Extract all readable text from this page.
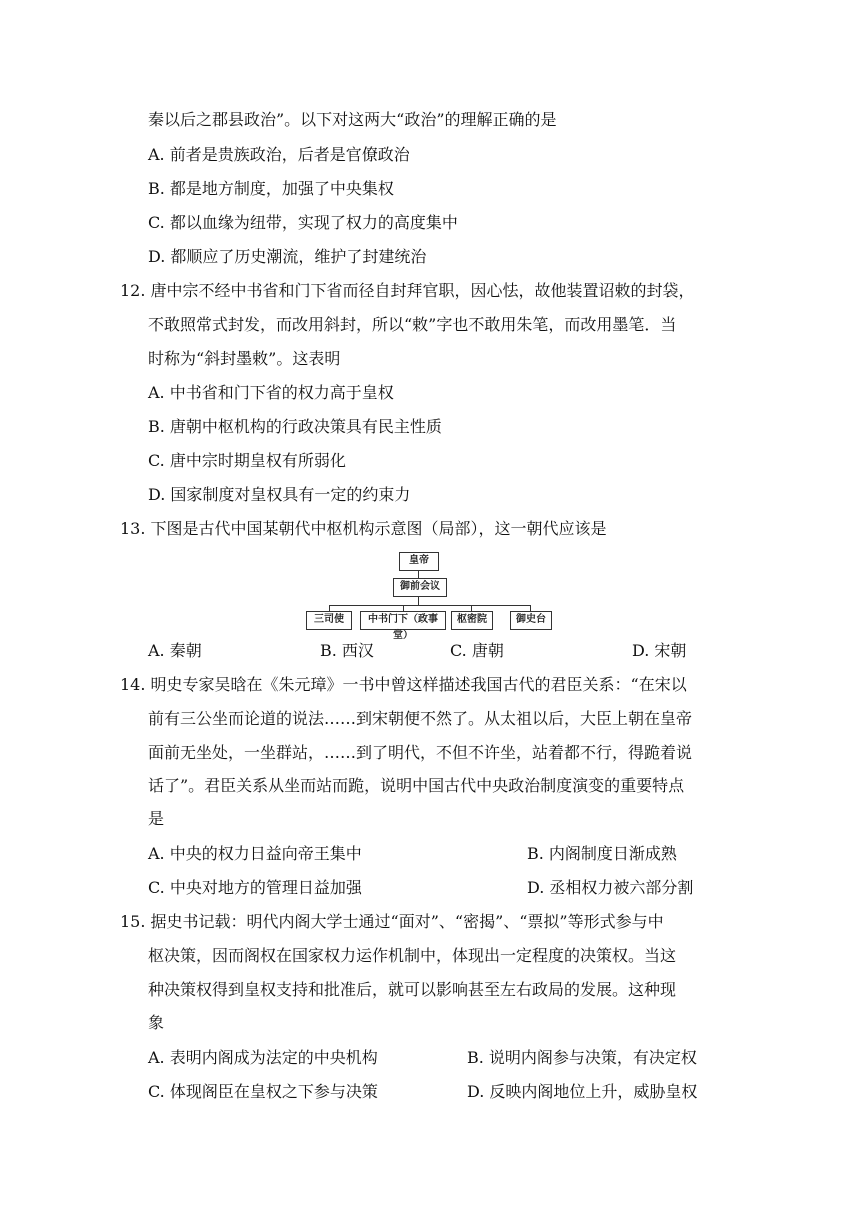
秦以后之郡县政治”。以下对这两大“政治”的理解正确的是
A. 前者是贵族政治，后者是官僚政治
B. 都是地方制度，加强了中央集权
C. 都以血缘为纽带，实现了权力的高度集中
D. 都顺应了历史潮流，维护了封建统治
12. 唐中宗不经中书省和门下省而径自封拜官职，因心怯，故他装置诏敕的封袋，
不敢照常式封发，而改用斜封，所以“敕”字也不敢用朱笔，而改用墨笔．当
时称为“斜封墨敕”。这表明
A. 中书省和门下省的权力高于皇权
B. 唐朝中枢机构的行政决策具有民主性质
C. 唐中宗时期皇权有所弱化
D. 国家制度对皇权具有一定的约束力
13. 下图是古代中国某朝代中枢机构示意图（局部），这一朝代应该是
皇帝
御前会议
三司使	中书门下（政事堂）
枢密院	御史台
A. 秦朝	B. 西汉	C. 唐朝	D. 宋朝
14. 明史专家吴晗在《朱元璋》一书中曾这样描述我国古代的君臣关系：“在宋以
前有三公坐而论道的说法……到宋朝便不然了。从太祖以后，大臣上朝在皇帝
面前无坐处，一坐群站，……到了明代，不但不许坐，站着都不行，得跪着说
话了”。君臣关系从坐而站而跪，说明中国古代中央政治制度演变的重要特点
是
A. 中央的权力日益向帝王集中	B. 内阁制度日渐成熟
C. 中央对地方的管理日益加强	D. 丞相权力被六部分割
15. 据史书记载：明代内阁大学士通过“面对”、“密揭”、“票拟”等形式参与中
枢决策，因而阁权在国家权力运作机制中，体现出一定程度的决策权。当这
种决策权得到皇权支持和批准后，就可以影响甚至左右政局的发展。这种现
象
A. 表明内阁成为法定的中央机构	B. 说明内阁参与决策，有决定权
C. 体现阁臣在皇权之下参与决策	D. 反映内阁地位上升，威胁皇权
